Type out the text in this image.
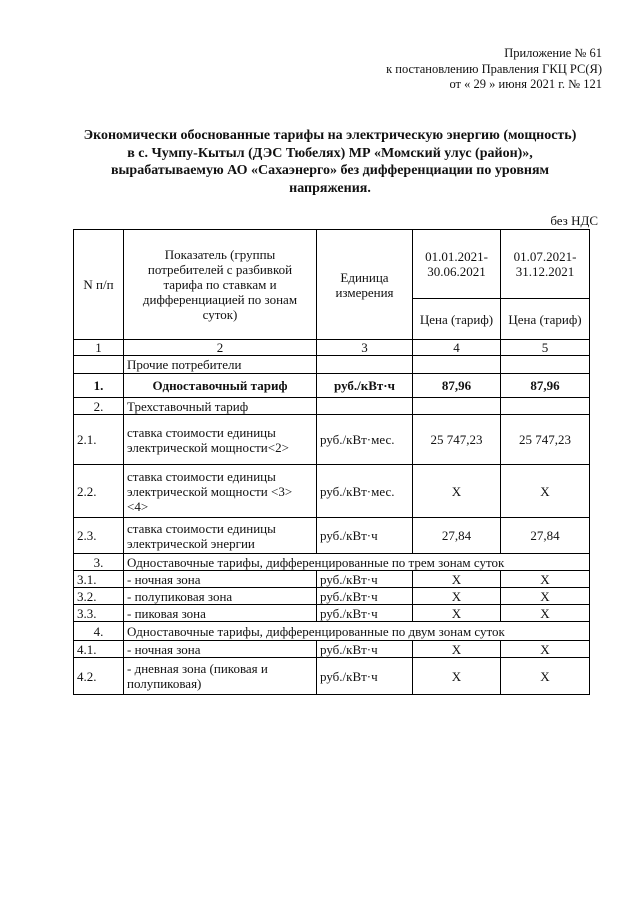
Приложение № 61
к постановлению Правления ГКЦ РС(Я)
от « 29 » июня 2021 г. № 121
Экономически обоснованные тарифы на электрическую энергию (мощность)
в с. Чумпу-Кытыл (ДЭС Тюбелях) МР «Момский улус (район)»,
вырабатываемую АО «Сахаэнерго» без дифференциации по уровням
напряжения.
без НДС
N п/п	Показатель (группы потребителей с разбивкой тарифа по ставкам и дифференциацией по зонам суток)	Единица измерения	01.01.2021-30.06.2021	01.07.2021-31.12.2021
			Цена (тариф)	Цена (тариф)
1	2	3	4	5
	Прочие потребители			
1.	Одноставочный тариф	руб./кВт·ч	87,96	87,96
2.	Трехставочный тариф			
2.1.	ставка стоимости единицы электрической мощности<2>	руб./кВт·мес.	25 747,23	25 747,23
2.2.	ставка стоимости единицы электрической мощности <3><4>	руб./кВт·мес.	Х	Х
2.3.	ставка стоимости единицы электрической энергии	руб./кВт·ч	27,84	27,84
3.	Одноставочные тарифы, дифференцированные по трем зонам суток			
3.1.	- ночная зона	руб./кВт·ч	Х	Х
3.2.	- полупиковая зона	руб./кВт·ч	Х	Х
3.3.	- пиковая зона	руб./кВт·ч	Х	Х
4.	Одноставочные тарифы, дифференцированные по двум зонам суток			
4.1.	- ночная зона	руб./кВт·ч	Х	Х
4.2.	- дневная зона (пиковая и полупиковая)	руб./кВт·ч	Х	Х
